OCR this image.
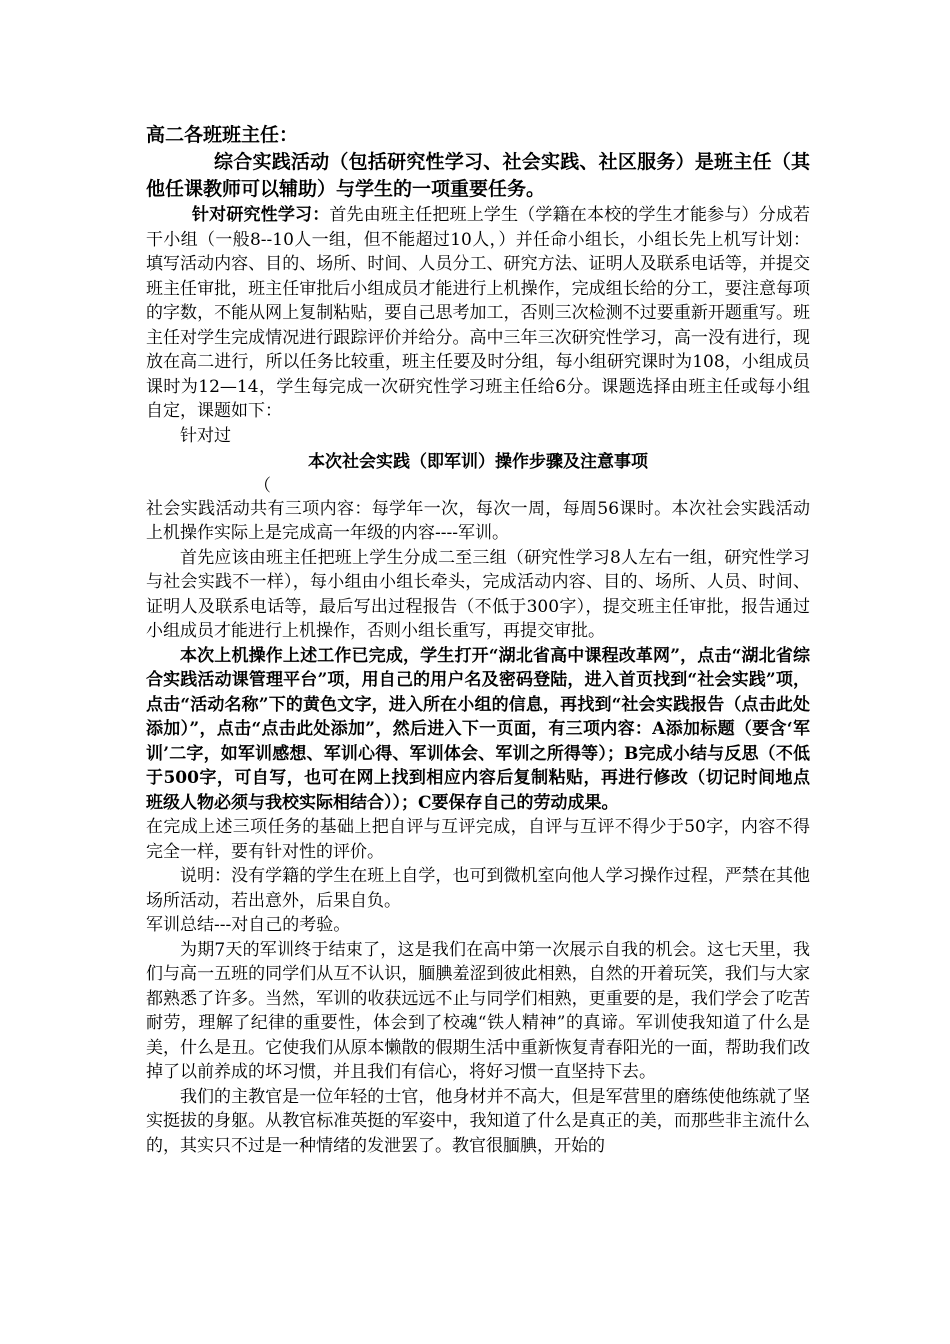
高二各班班主任：

综合实践活动（包括研究性学习、社会实践、社区服务）是班主任（其他任课教师可以辅助）与学生的一项重要任务。

针对研究性学习：首先由班主任把班上学生（学籍在本校的学生才能参与）分成若干小组（一般8--10人一组，但不能超过10人，）并任命小组长，小组长先上机写计划：填写活动内容、目的、场所、时间、人员分工、研究方法、证明人及联系电话等，并提交班主任审批，班主任审批后小组成员才能进行上机操作，完成组长给的分工，要注意每项的字数，不能从网上复制粘贴，要自己思考加工，否则三次检测不过要重新开题重写。班主任对学生完成情况进行跟踪评价并给分。高中三年三次研究性学习，高一没有进行，现放在高二进行，所以任务比较重，班主任要及时分组，每小组研究课时为108，小组成员课时为12—14，学生每完成一次研究性学习班主任给6分。课题选择由班主任或每小组自定，课题如下：

针对过

本次社会实践（即军训）操作步骤及注意事项

（

社会实践活动共有三项内容：每学年一次，每次一周，每周56课时。本次社会实践活动上机操作实际上是完成高一年级的内容----军训。

首先应该由班主任把班上学生分成二至三组（研究性学习8人左右一组，研究性学习与社会实践不一样），每小组由小组长牵头，完成活动内容、目的、场所、人员、时间、证明人及联系电话等，最后写出过程报告（不低于300字），提交班主任审批，报告通过小组成员才能进行上机操作，否则小组长重写，再提交审批。

本次上机操作上述工作已完成，学生打开“湖北省高中课程改革网”，点击“湖北省综合实践活动课管理平台”项，用自己的用户名及密码登陆，进入首页找到“社会实践”项，点击“活动名称”下的黄色文字，进入所在小组的信息，再找到“社会实践报告（点击此处添加）”，点击“点击此处添加”，然后进入下一页面，有三项内容：A添加标题（要含‘军训’二字，如军训感想、军训心得、军训体会、军训之所得等）；B完成小结与反思（不低于500字，可自写，也可在网上找到相应内容后复制粘贴，再进行修改（切记时间地点班级人物必须与我校实际相结合））；C要保存自己的劳动成果。

在完成上述三项任务的基础上把自评与互评完成，自评与互评不得少于50字，内容不得完全一样，要有针对性的评价。

说明：没有学籍的学生在班上自学，也可到微机室向他人学习操作过程，严禁在其他场所活动，若出意外，后果自负。

军训总结---对自己的考验。

为期7天的军训终于结束了，这是我们在高中第一次展示自我的机会。这七天里，我们与高一五班的同学们从互不认识，腼腆羞涩到彼此相熟，自然的开着玩笑，我们与大家都熟悉了许多。当然，军训的收获远远不止与同学们相熟，更重要的是，我们学会了吃苦耐劳，理解了纪律的重要性，体会到了校魂“铁人精神”的真谛。军训使我知道了什么是美，什么是丑。它使我们从原本懒散的假期生活中重新恢复青春阳光的一面，帮助我们改掉了以前养成的坏习惯，并且我们有信心，将好习惯一直坚持下去。

我们的主教官是一位年轻的士官，他身材并不高大，但是军营里的磨练使他练就了坚实挺拔的身躯。从教官标准英挺的军姿中，我知道了什么是真正的美，而那些非主流什么的，其实只不过是一种情绪的发泄罢了。教官很腼腆，开始的
